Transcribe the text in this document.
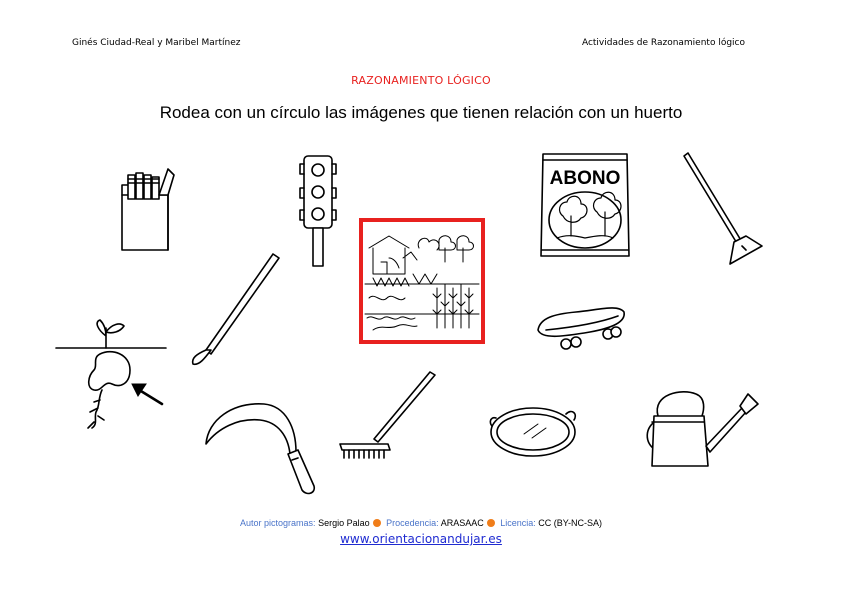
Ginés Ciudad-Real y Maribel Martínez	Actividades de Razonamiento lógico
RAZONAMIENTO LÓGICO
Rodea con un círculo las imágenes que tienen relación con un huerto
ABONO
Autor pictogramas: Sergio Palao Procedencia: ARASAAC Licencia: CC (BY-NC-SA)
www.orientacionandujar.es
